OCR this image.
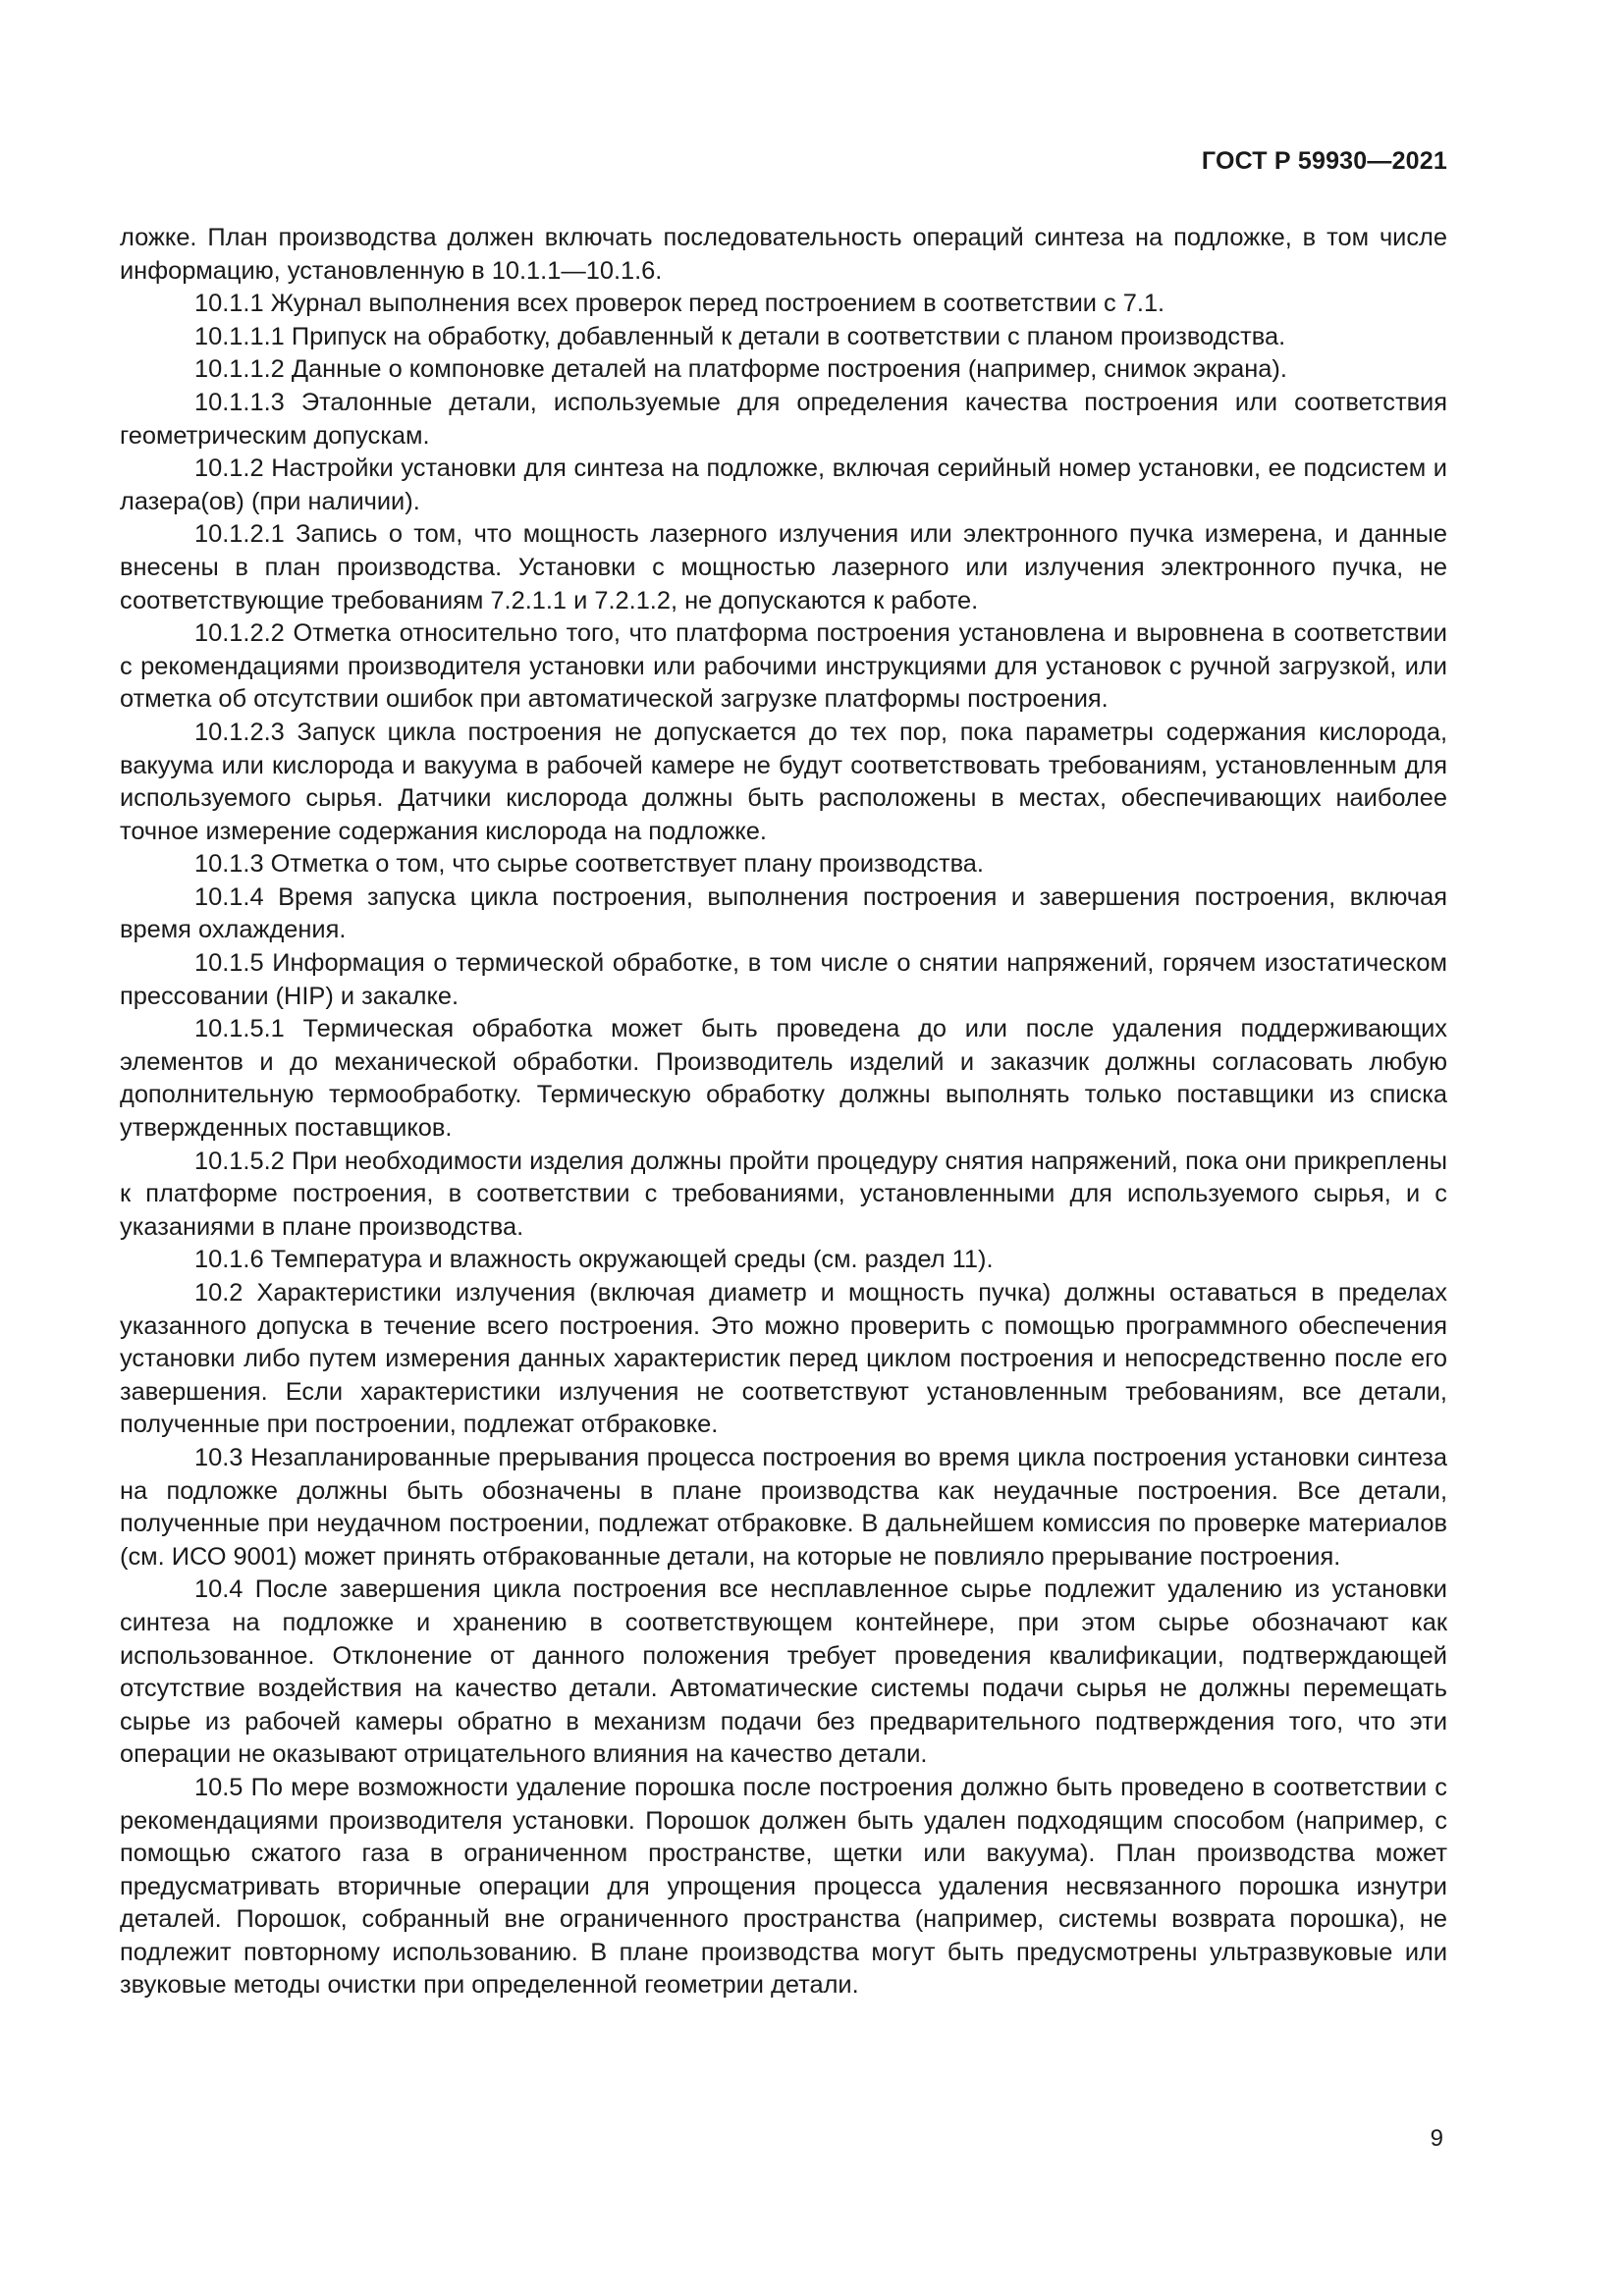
ГОСТ Р 59930—2021

ложке. План производства должен включать последовательность операций синтеза на подложке, в том числе информацию, установленную в 10.1.1—10.1.6.

10.1.1 Журнал выполнения всех проверок перед построением в соответствии с 7.1.

10.1.1.1 Припуск на обработку, добавленный к детали в соответствии с планом производства.

10.1.1.2 Данные о компоновке деталей на платформе построения (например, снимок экрана).

10.1.1.3 Эталонные детали, используемые для определения качества построения или соответствия геометрическим допускам.

10.1.2 Настройки установки для синтеза на подложке, включая серийный номер установки, ее подсистем и лазера(ов) (при наличии).

10.1.2.1 Запись о том, что мощность лазерного излучения или электронного пучка измерена, и данные внесены в план производства. Установки с мощностью лазерного или излучения электронного пучка, не соответствующие требованиям 7.2.1.1 и 7.2.1.2, не допускаются к работе.

10.1.2.2 Отметка относительно того, что платформа построения установлена и выровнена в соответствии с рекомендациями производителя установки или рабочими инструкциями для установок с ручной загрузкой, или отметка об отсутствии ошибок при автоматической загрузке платформы построения.

10.1.2.3 Запуск цикла построения не допускается до тех пор, пока параметры содержания кислорода, вакуума или кислорода и вакуума в рабочей камере не будут соответствовать требованиям, установленным для используемого сырья. Датчики кислорода должны быть расположены в местах, обеспечивающих наиболее точное измерение содержания кислорода на подложке.

10.1.3 Отметка о том, что сырье соответствует плану производства.

10.1.4 Время запуска цикла построения, выполнения построения и завершения построения, включая время охлаждения.

10.1.5 Информация о термической обработке, в том числе о снятии напряжений, горячем изостатическом прессовании (HIP) и закалке.

10.1.5.1 Термическая обработка может быть проведена до или после удаления поддерживающих элементов и до механической обработки. Производитель изделий и заказчик должны согласовать любую дополнительную термообработку. Термическую обработку должны выполнять только поставщики из списка утвержденных поставщиков.

10.1.5.2 При необходимости изделия должны пройти процедуру снятия напряжений, пока они прикреплены к платформе построения, в соответствии с требованиями, установленными для используемого сырья, и с указаниями в плане производства.

10.1.6 Температура и влажность окружающей среды (см. раздел 11).

10.2 Характеристики излучения (включая диаметр и мощность пучка) должны оставаться в пределах указанного допуска в течение всего построения. Это можно проверить с помощью программного обеспечения установки либо путем измерения данных характеристик перед циклом построения и непосредственно после его завершения. Если характеристики излучения не соответствуют установленным требованиям, все детали, полученные при построении, подлежат отбраковке.

10.3 Незапланированные прерывания процесса построения во время цикла построения установки синтеза на подложке должны быть обозначены в плане производства как неудачные построения. Все детали, полученные при неудачном построении, подлежат отбраковке. В дальнейшем комиссия по проверке материалов (см. ИСО 9001) может принять отбракованные детали, на которые не повлияло прерывание построения.

10.4 После завершения цикла построения все несплавленное сырье подлежит удалению из установки синтеза на подложке и хранению в соответствующем контейнере, при этом сырье обозначают как использованное. Отклонение от данного положения требует проведения квалификации, подтверждающей отсутствие воздействия на качество детали. Автоматические системы подачи сырья не должны перемещать сырье из рабочей камеры обратно в механизм подачи без предварительного подтверждения того, что эти операции не оказывают отрицательного влияния на качество детали.

10.5 По мере возможности удаление порошка после построения должно быть проведено в соответствии с рекомендациями производителя установки. Порошок должен быть удален подходящим способом (например, с помощью сжатого газа в ограниченном пространстве, щетки или вакуума). План производства может предусматривать вторичные операции для упрощения процесса удаления несвязанного порошка изнутри деталей. Порошок, собранный вне ограниченного пространства (например, системы возврата порошка), не подлежит повторному использованию. В плане производства могут быть предусмотрены ультразвуковые или звуковые методы очистки при определенной геометрии детали.

9
